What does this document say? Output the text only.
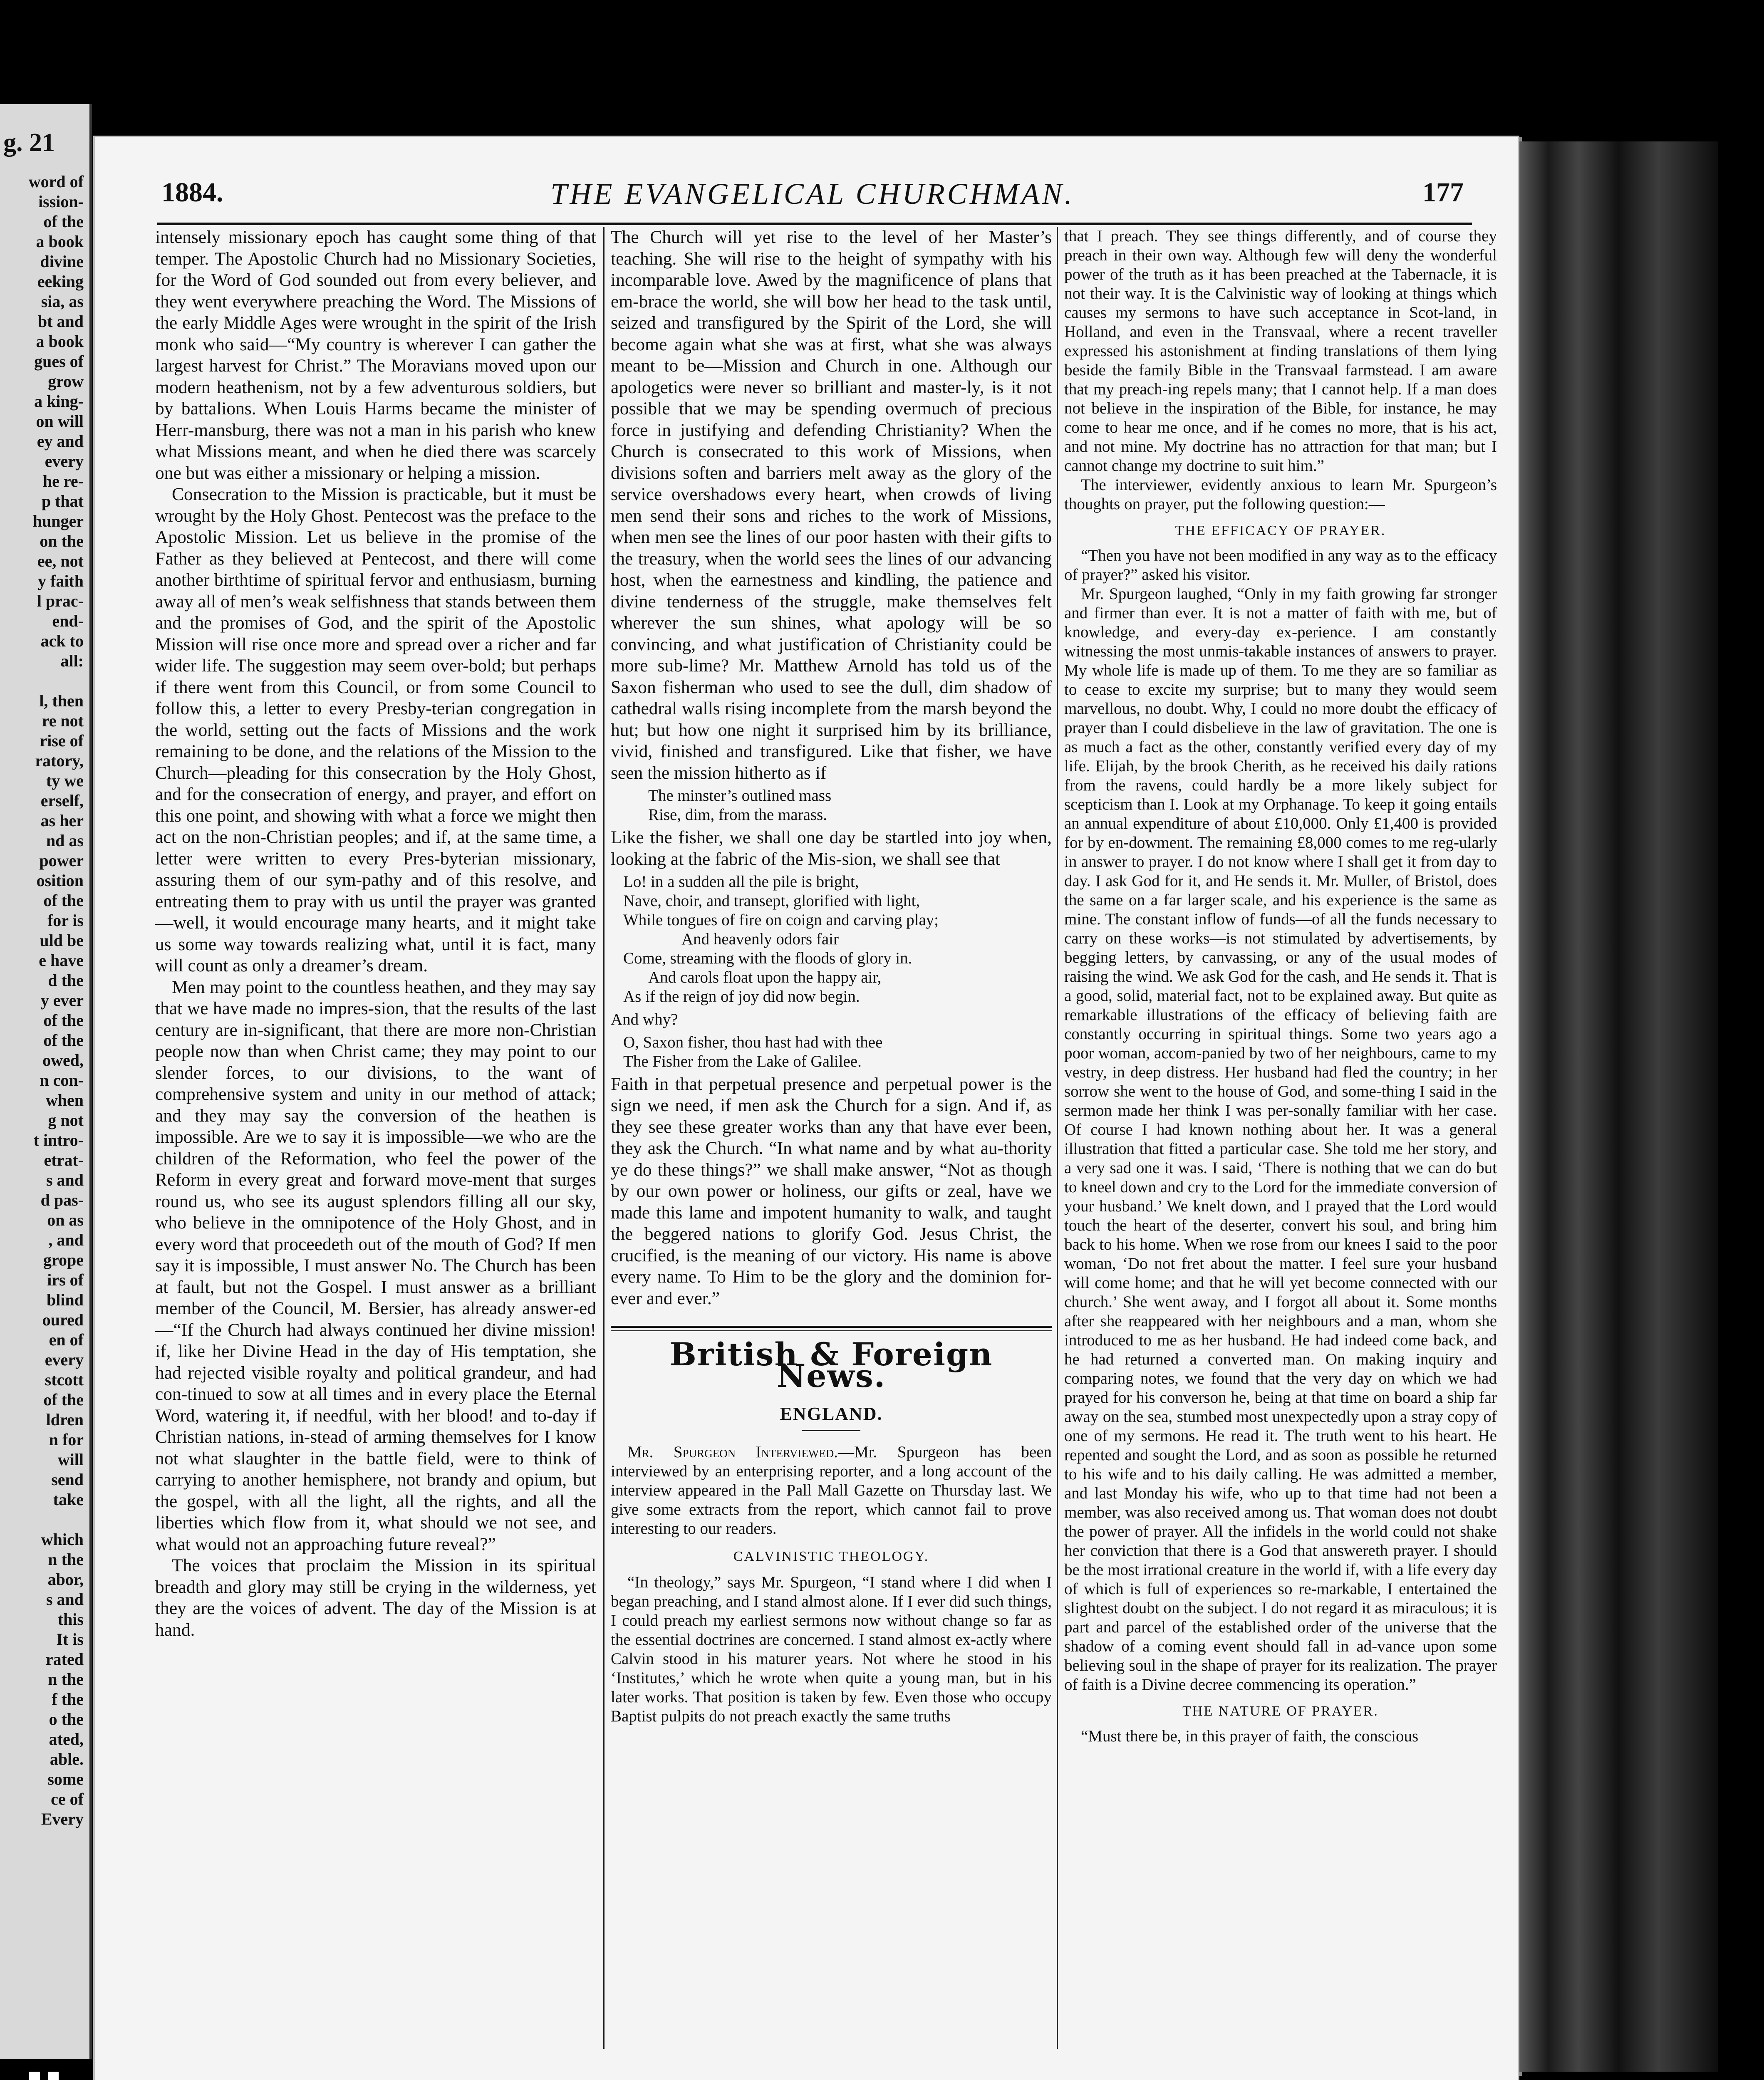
g. 21
word of
ission-
of the
a book
divine
eeking
sia, as
bt and
a book
gues of
grow
a king-
on will
ey and
every
he re-
p that
hunger
on the
ee, not
y faith
l prac-
end-
ack to
all:

l, then
re not
rise of
ratory,
ty we
erself,
as her
nd as
power
osition
of the
for is
uld be
e have
d the
y ever
of the
of the
owed,
n con-
when
g not
t intro-
etrat-
s and
d pas-
on as
, and
grope
irs of
blind
oured
en of
every
stcott
of the
ldren
n for
will
send
take

which
n the
abor,
s and
this
It is
rated
n the
f the
o the
ated,
able.
some
ce of
Every
1884.	THE EVANGELICAL CHURCHMAN.	177

intensely missionary epoch has caught some thing of that temper. The Apostolic Church had no Missionary Societies, for the Word of God sounded out from every believer, and they went everywhere preaching the Word. The Missions of the early Middle Ages were wrought in the spirit of the Irish monk who said—“My country is wherever I can gather the largest harvest for Christ.” The Moravians moved upon our modern heathenism, not by a few adventurous soldiers, but by battalions. When Louis Harms became the minister of Herr-mansburg, there was not a man in his parish who knew what Missions meant, and when he died there was scarcely one but was either a missionary or helping a mission.

Consecration to the Mission is practicable, but it must be wrought by the Holy Ghost. Pentecost was the preface to the Apostolic Mission. Let us believe in the promise of the Father as they believed at Pentecost, and there will come another birthtime of spiritual fervor and enthusiasm, burning away all of men’s weak selfishness that stands between them and the promises of God, and the spirit of the Apostolic Mission will rise once more and spread over a richer and far wider life. The suggestion may seem over-bold; but perhaps if there went from this Council, or from some Council to follow this, a letter to every Presby-terian congregation in the world, setting out the facts of Missions and the work remaining to be done, and the relations of the Mission to the Church—pleading for this consecration by the Holy Ghost, and for the consecration of energy, and prayer, and effort on this one point, and showing with what a force we might then act on the non-Christian peoples; and if, at the same time, a letter were written to every Pres-byterian missionary, assuring them of our sym-pathy and of this resolve, and entreating them to pray with us until the prayer was granted—well, it would encourage many hearts, and it might take us some way towards realizing what, until it is fact, many will count as only a dreamer’s dream.

Men may point to the countless heathen, and they may say that we have made no impres-sion, that the results of the last century are in-significant, that there are more non-Christian people now than when Christ came; they may point to our slender forces, to our divisions, to the want of comprehensive system and unity in our method of attack; and they may say the conversion of the heathen is impossible. Are we to say it is impossible—we who are the children of the Reformation, who feel the power of the Reform in every great and forward move-ment that surges round us, who see its august splendors filling all our sky, who believe in the omnipotence of the Holy Ghost, and in every word that proceedeth out of the mouth of God? If men say it is impossible, I must answer No. The Church has been at fault, but not the Gospel. I must answer as a brilliant member of the Council, M. Bersier, has already answer-ed—“If the Church had always continued her divine mission! if, like her Divine Head in the day of His temptation, she had rejected visible royalty and political grandeur, and had con-tinued to sow at all times and in every place the Eternal Word, watering it, if needful, with her blood! and to-day if Christian nations, in-stead of arming themselves for I know not what slaughter in the battle field, were to think of carrying to another hemisphere, not brandy and opium, but the gospel, with all the light, all the rights, and all the liberties which flow from it, what should we not see, and what would not an approaching future reveal?”

The voices that proclaim the Mission in its spiritual breadth and glory may still be crying in the wilderness, yet they are the voices of advent. The day of the Mission is at hand.

The Church will yet rise to the level of her Master’s teaching. She will rise to the height of sympathy with his incomparable love. Awed by the magnificence of plans that em-brace the world, she will bow her head to the task until, seized and transfigured by the Spirit of the Lord, she will become again what she was at first, what she was always meant to be—Mission and Church in one. Although our apologetics were never so brilliant and master-ly, is it not possible that we may be spending overmuch of precious force in justifying and defending Christianity? When the Church is consecrated to this work of Missions, when divisions soften and barriers melt away as the glory of the service overshadows every heart, when crowds of living men send their sons and riches to the work of Missions, when men see the lines of our poor hasten with their gifts to the treasury, when the world sees the lines of our advancing host, when the earnestness and kindling, the patience and divine tenderness of the struggle, make themselves felt wherever the sun shines, what apology will be so convincing, and what justification of Christianity could be more sub-lime? Mr. Matthew Arnold has told us of the Saxon fisherman who used to see the dull, dim shadow of cathedral walls rising incomplete from the marsh beyond the hut; but how one night it surprised him by its brilliance, vivid, finished and transfigured. Like that fisher, we have seen the mission hitherto as if

The minster’s outlined mass

Rise, dim, from the marass.

Like the fisher, we shall one day be startled into joy when, looking at the fabric of the Mis-sion, we shall see that

Lo! in a sudden all the pile is bright,

Nave, choir, and transept, glorified with light,

While tongues of fire on coign and carving play;

And heavenly odors fair

Come, streaming with the floods of glory in.

And carols float upon the happy air,

As if the reign of joy did now begin.

And why?

O, Saxon fisher, thou hast had with thee

The Fisher from the Lake of Galilee.

Faith in that perpetual presence and perpetual power is the sign we need, if men ask the Church for a sign. And if, as they see these greater works than any that have ever been, they ask the Church. “In what name and by what au-thority ye do these things?” we shall make answer, “Not as though by our own power or holiness, our gifts or zeal, have we made this lame and impotent humanity to walk, and taught the beggered nations to glorify God. Jesus Christ, the crucified, is the meaning of our victory. His name is above every name. To Him to be the glory and the dominion for-ever and ever.”

British & Foreign News.
ENGLAND.

Mr. Spurgeon Interviewed.—Mr. Spurgeon has been interviewed by an enterprising reporter, and a long account of the interview appeared in the Pall Mall Gazette on Thursday last. We give some extracts from the report, which cannot fail to prove interesting to our readers.

CALVINISTIC THEOLOGY.

“In theology,” says Mr. Spurgeon, “I stand where I did when I began preaching, and I stand almost alone. If I ever did such things, I could preach my earliest sermons now without change so far as the essential doctrines are concerned. I stand almost ex-actly where Calvin stood in his maturer years. Not where he stood in his ‘Institutes,’ which he wrote when quite a young man, but in his later works. That position is taken by few. Even those who occupy Baptist pulpits do not preach exactly the same truths

that I preach. They see things differently, and of course they preach in their own way. Although few will deny the wonderful power of the truth as it has been preached at the Tabernacle, it is not their way. It is the Calvinistic way of looking at things which causes my sermons to have such acceptance in Scot-land, in Holland, and even in the Transvaal, where a recent traveller expressed his astonishment at finding translations of them lying beside the family Bible in the Transvaal farmstead. I am aware that my preach-ing repels many; that I cannot help. If a man does not believe in the inspiration of the Bible, for instance, he may come to hear me once, and if he comes no more, that is his act, and not mine. My doctrine has no attraction for that man; but I cannot change my doctrine to suit him.”

The interviewer, evidently anxious to learn Mr. Spurgeon’s thoughts on prayer, put the following question:—

THE EFFICACY OF PRAYER.

“Then you have not been modified in any way as to the efficacy of prayer?” asked his visitor.

Mr. Spurgeon laughed, “Only in my faith growing far stronger and firmer than ever. It is not a matter of faith with me, but of knowledge, and every-day ex-perience. I am constantly witnessing the most unmis-takable instances of answers to prayer. My whole life is made up of them. To me they are so familiar as to cease to excite my surprise; but to many they would seem marvellous, no doubt. Why, I could no more doubt the efficacy of prayer than I could disbelieve in the law of gravitation. The one is as much a fact as the other, constantly verified every day of my life. Elijah, by the brook Cherith, as he received his daily rations from the ravens, could hardly be a more likely subject for scepticism than I. Look at my Orphanage. To keep it going entails an annual expenditure of about £10,000. Only £1,400 is provided for by en-dowment. The remaining £8,000 comes to me reg-ularly in answer to prayer. I do not know where I shall get it from day to day. I ask God for it, and He sends it. Mr. Muller, of Bristol, does the same on a far larger scale, and his experience is the same as mine. The constant inflow of funds—of all the funds necessary to carry on these works—is not stimulated by advertisements, by begging letters, by canvassing, or any of the usual modes of raising the wind. We ask God for the cash, and He sends it. That is a good, solid, material fact, not to be explained away. But quite as remarkable illustrations of the efficacy of believing faith are constantly occurring in spiritual things. Some two years ago a poor woman, accom-panied by two of her neighbours, came to my vestry, in deep distress. Her husband had fled the country; in her sorrow she went to the house of God, and some-thing I said in the sermon made her think I was per-sonally familiar with her case. Of course I had known nothing about her. It was a general illustration that fitted a particular case. She told me her story, and a very sad one it was. I said, ‘There is nothing that we can do but to kneel down and cry to the Lord for the immediate conversion of your husband.’ We knelt down, and I prayed that the Lord would touch the heart of the deserter, convert his soul, and bring him back to his home. When we rose from our knees I said to the poor woman, ‘Do not fret about the matter. I feel sure your husband will come home; and that he will yet become connected with our church.’ She went away, and I forgot all about it. Some months after she reappeared with her neighbours and a man, whom she introduced to me as her husband. He had indeed come back, and he had returned a converted man. On making inquiry and comparing notes, we found that the very day on which we had prayed for his converson he, being at that time on board a ship far away on the sea, stumbed most unexpectedly upon a stray copy of one of my sermons. He read it. The truth went to his heart. He repented and sought the Lord, and as soon as possible he returned to his wife and to his daily calling. He was admitted a member, and last Monday his wife, who up to that time had not been a member, was also received among us. That woman does not doubt the power of prayer. All the infidels in the world could not shake her conviction that there is a God that answereth prayer. I should be the most irrational creature in the world if, with a life every day of which is full of experiences so re-markable, I entertained the slightest doubt on the subject. I do not regard it as miraculous; it is part and parcel of the established order of the universe that the shadow of a coming event should fall in ad-vance upon some believing soul in the shape of prayer for its realization. The prayer of faith is a Divine decree commencing its operation.”

THE NATURE OF PRAYER.

“Must there be, in this prayer of faith, the conscious
